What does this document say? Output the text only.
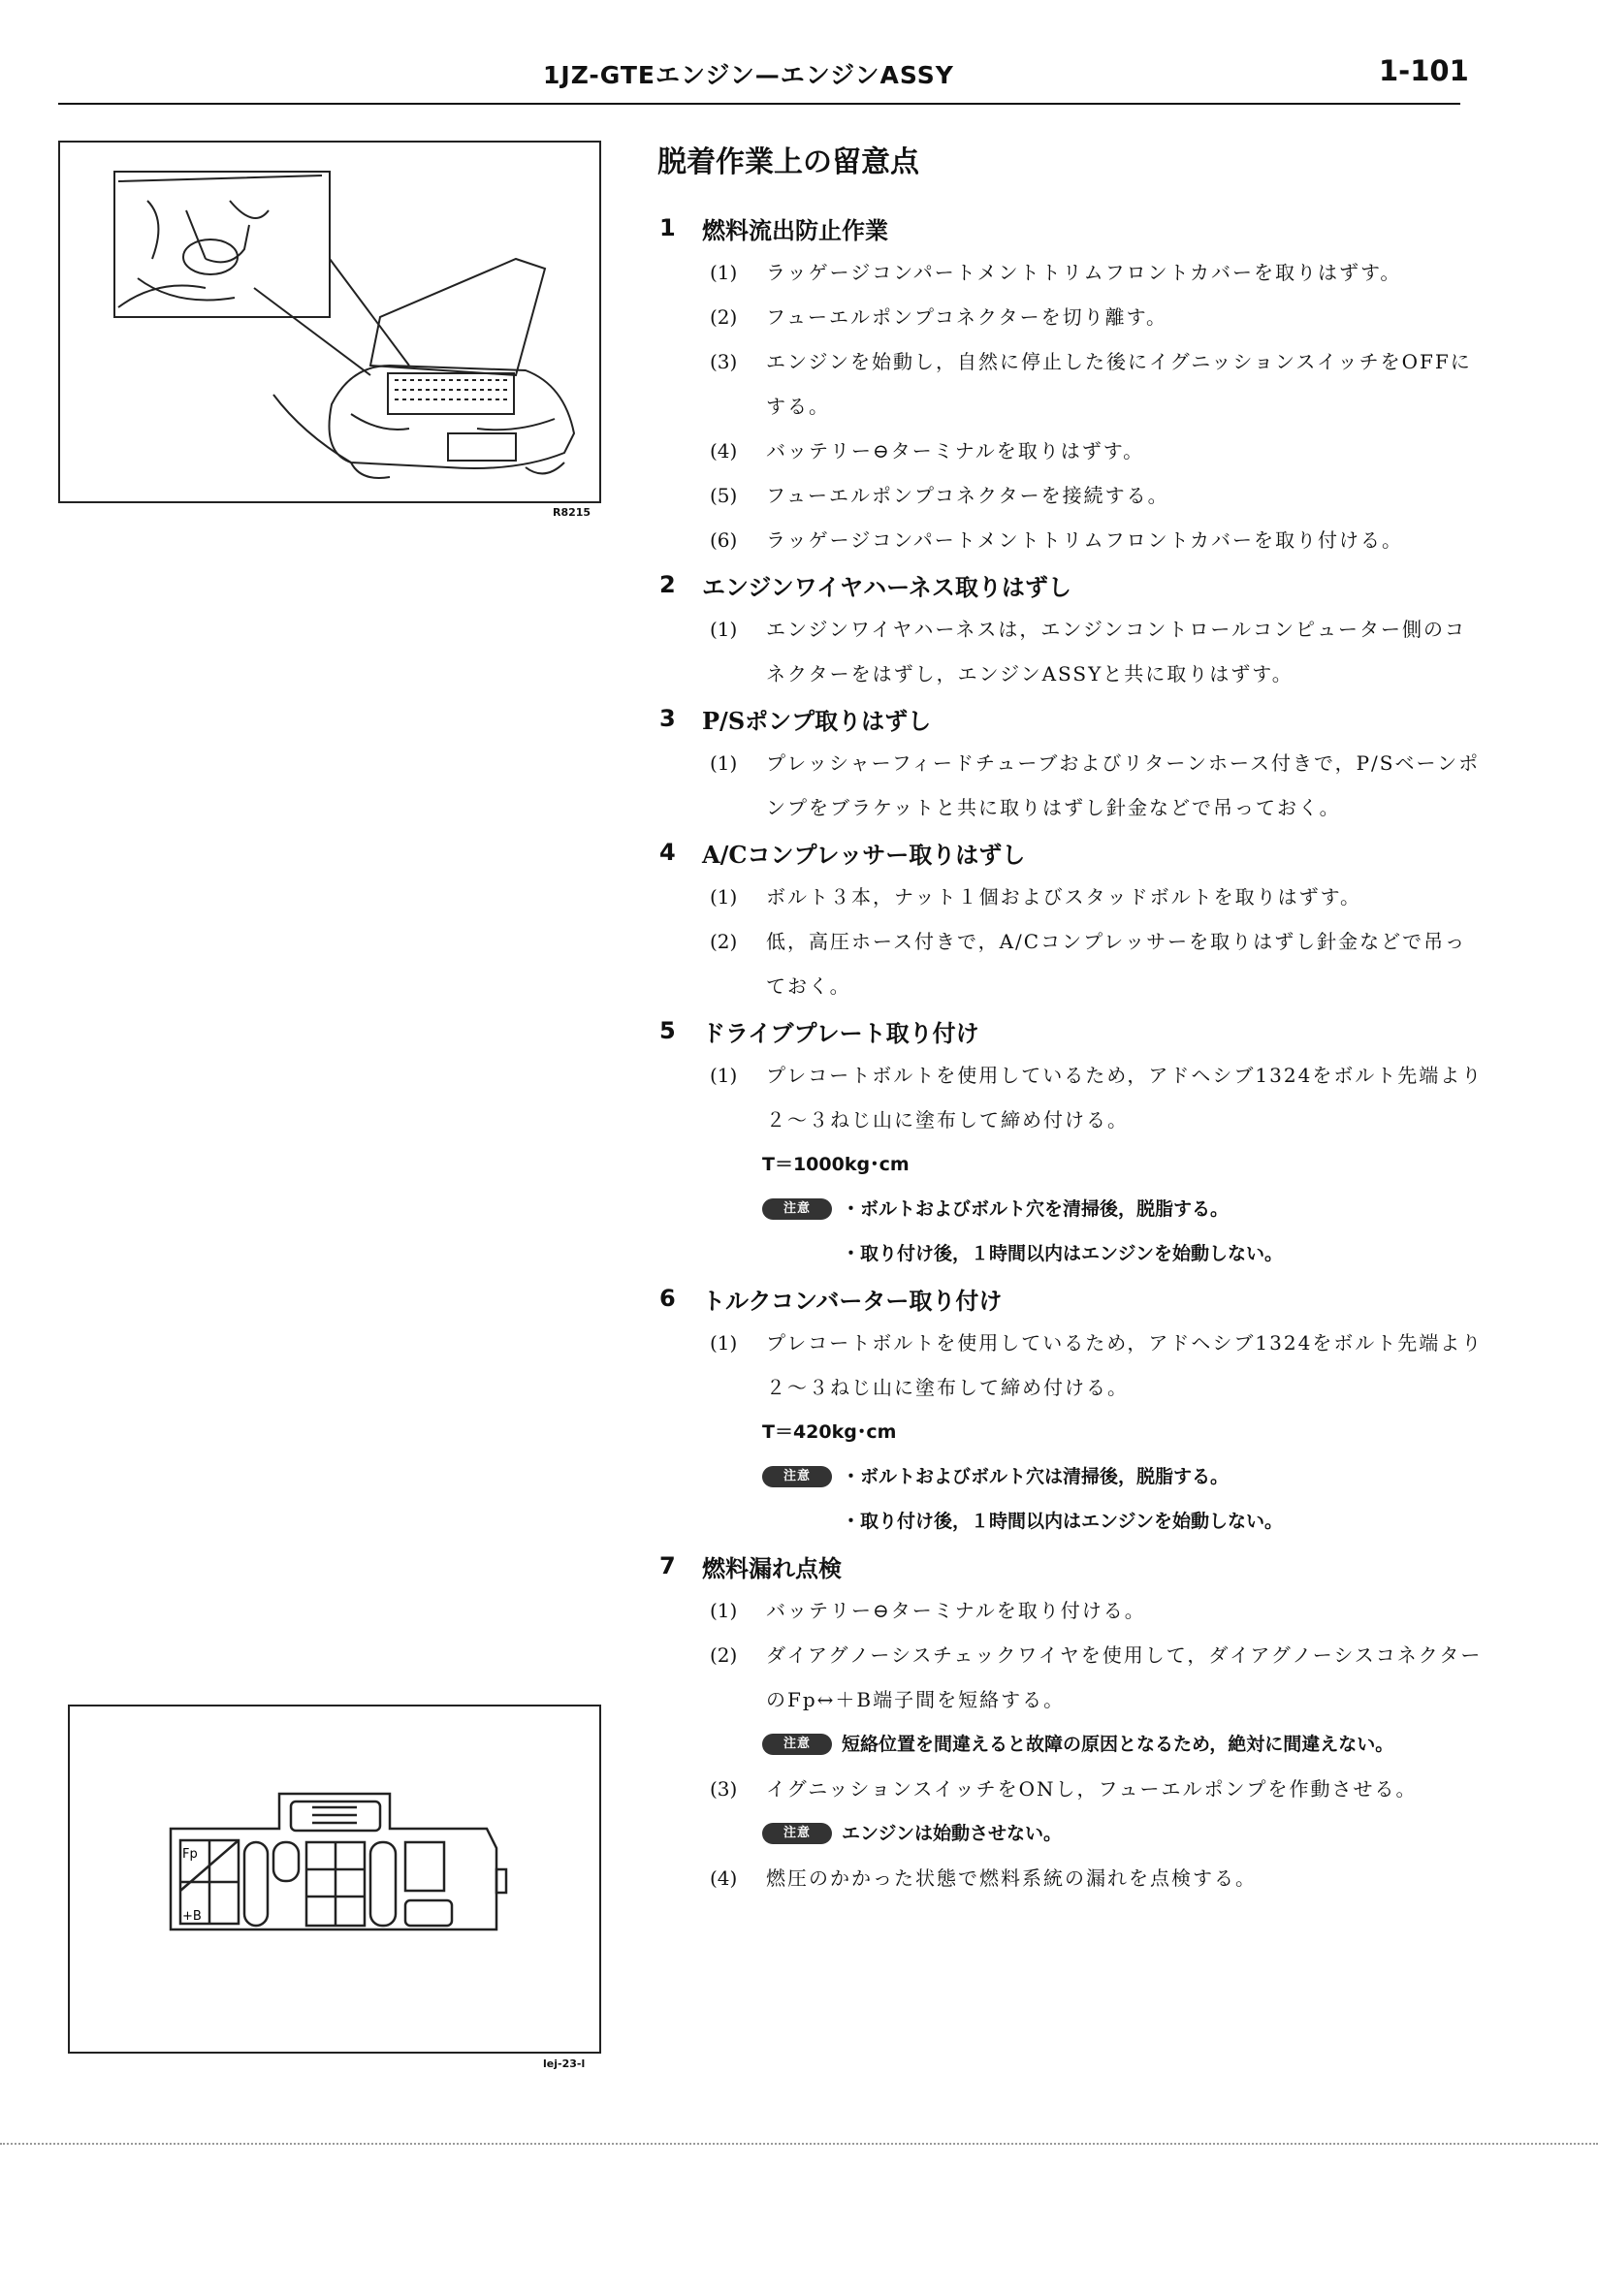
1JZ-GTEエンジン—エンジンASSY	1-101
R8215
Fp
+B
lej-23-l
脱着作業上の留意点
1	燃料流出防止作業
(1)	ラッゲージコンパートメントトリムフロントカバーを取りはずす。
(2)	フューエルポンプコネクターを切り離す。
(3)	エンジンを始動し，自然に停止した後にイグニッションスイッチをOFFにする。
(4)	バッテリー⊖ターミナルを取りはずす。
(5)	フューエルポンプコネクターを接続する。
(6)	ラッゲージコンパートメントトリムフロントカバーを取り付ける。
2	エンジンワイヤハーネス取りはずし
(1)	エンジンワイヤハーネスは，エンジンコントロールコンピューター側のコネクターをはずし，エンジンASSYと共に取りはずす。
3	P/Sポンプ取りはずし
(1)	プレッシャーフィードチューブおよびリターンホース付きで，P/Sベーンポンプをブラケットと共に取りはずし針金などで吊っておく。
4	A/Cコンプレッサー取りはずし
(1)	ボルト３本，ナット１個およびスタッドボルトを取りはずす。
(2)	低，高圧ホース付きで，A/Cコンプレッサーを取りはずし針金などで吊っておく。
5	ドライブプレート取り付け
(1)	プレコートボルトを使用しているため，アドヘシブ1324をボルト先端より２～３ねじ山に塗布して締め付ける。
T＝1000kg･cm
注意	・ボルトおよびボルト穴を清掃後，脱脂する。
・取り付け後，１時間以内はエンジンを始動しない。
6	トルクコンバーター取り付け
(1)	プレコートボルトを使用しているため，アドヘシブ1324をボルト先端より２～３ねじ山に塗布して締め付ける。
T＝420kg･cm
注意	・ボルトおよびボルト穴は清掃後，脱脂する。
・取り付け後，１時間以内はエンジンを始動しない。
7	燃料漏れ点検
(1)	バッテリー⊖ターミナルを取り付ける。
(2)	ダイアグノーシスチェックワイヤを使用して，ダイアグノーシスコネクターのFp↔＋B端子間を短絡する。
注意	短絡位置を間違えると故障の原因となるため，絶対に間違えない。
(3)	イグニッションスイッチをONし，フューエルポンプを作動させる。
注意	エンジンは始動させない。
(4)	燃圧のかかった状態で燃料系統の漏れを点検する。
